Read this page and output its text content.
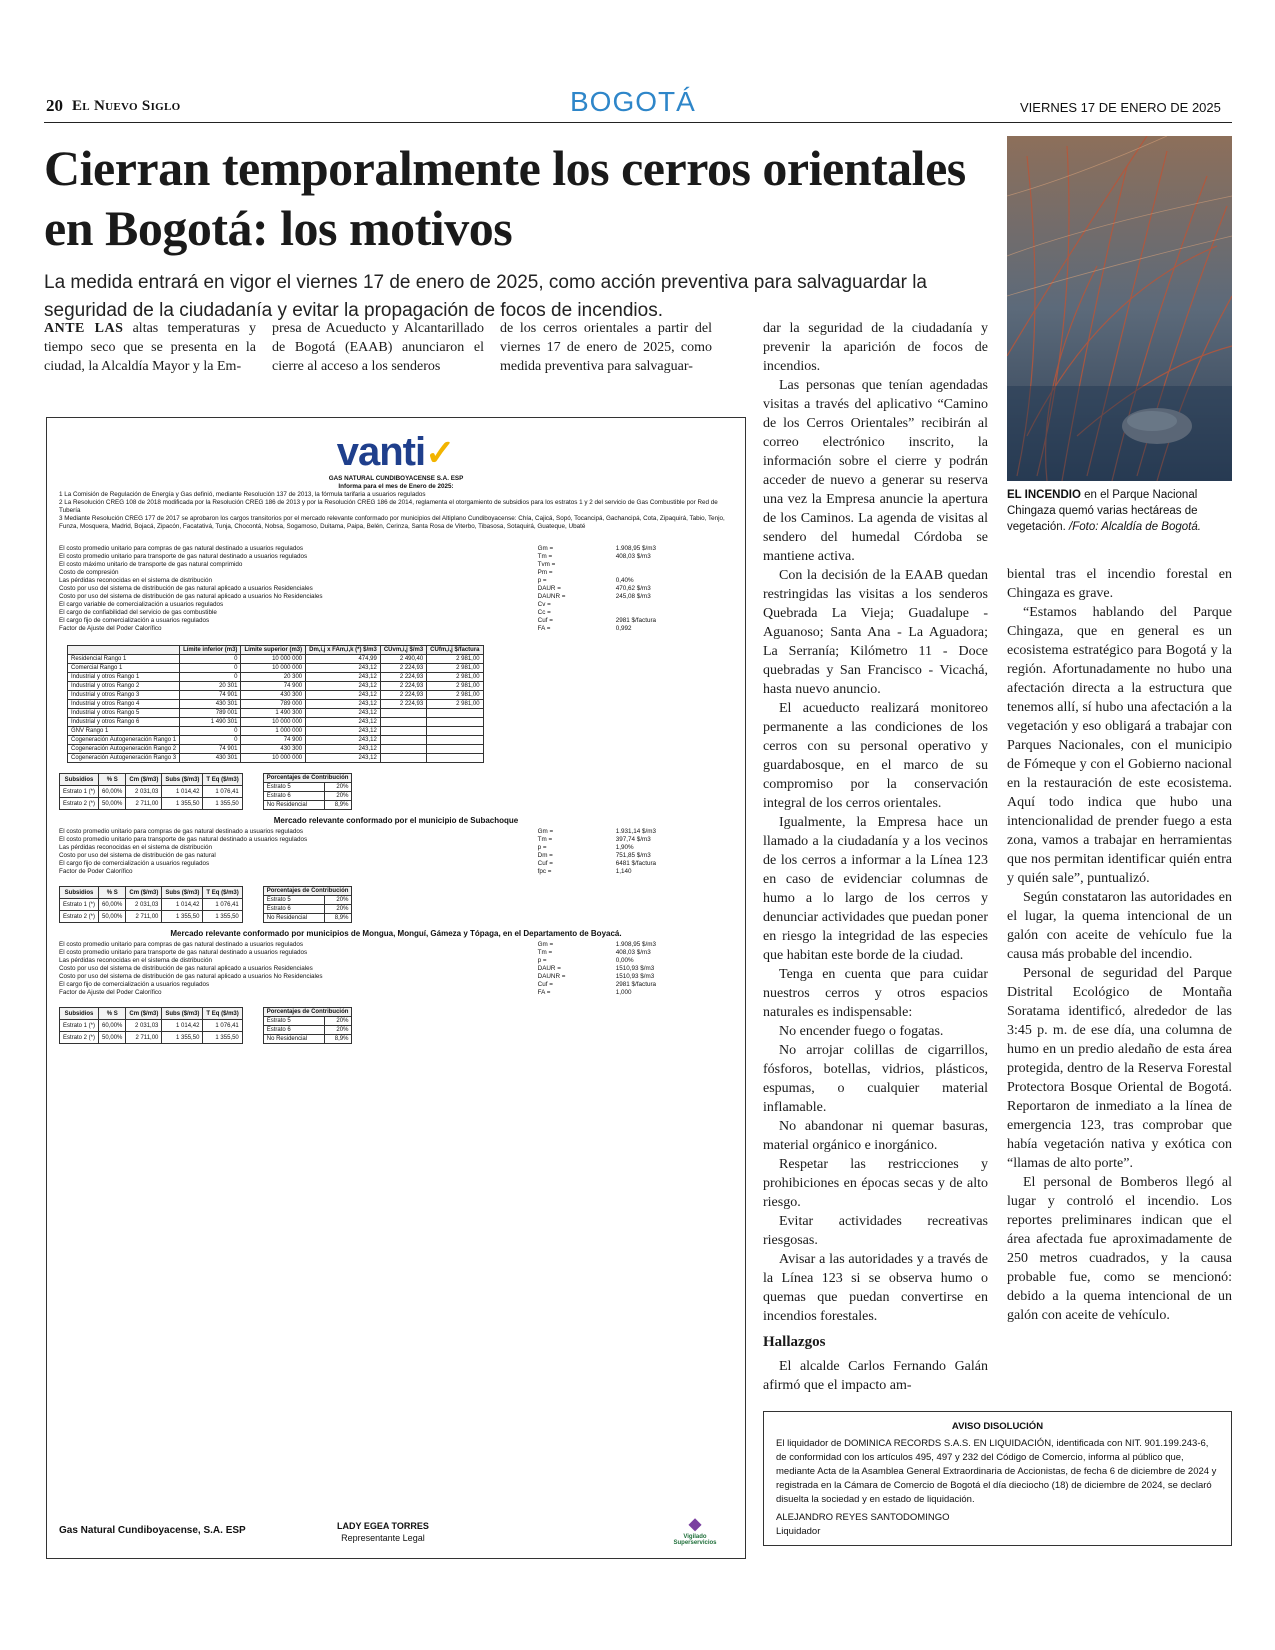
20 El Nuevo Siglo	BOGOTÁ	VIERNES 17 DE ENERO DE 2025
Cierran temporalmente los cerros orientales en Bogotá: los motivos
La medida entrará en vigor el viernes 17 de enero de 2025, como acción preventiva para salvaguardar la seguridad de la ciudadanía y evitar la propagación de focos de incendios.
EL INCENDIO en el Parque Nacional Chingaza quemó varias hectáreas de vegetación. /Foto: Alcaldía de Bogotá.

ANTE LAS altas temperaturas y tiempo seco que se presenta en la ciudad, la Alcaldía Mayor y la Em-

presa de Acueducto y Alcantarillado de Bogotá (EAAB) anunciaron el cierre al acceso a los senderos

de los cerros orientales a partir del viernes 17 de enero de 2025, como medida preventiva para salvaguar-

dar la seguridad de la ciudadanía y prevenir la aparición de focos de incendios.

Las personas que tenían agendadas visitas a través del aplicativo “Camino de los Cerros Orientales” recibirán al correo electrónico inscrito, la información sobre el cierre y podrán acceder de nuevo a generar su reserva una vez la Empresa anuncie la apertura de los Caminos. La agenda de visitas al sendero del humedal Córdoba se mantiene activa.

Con la decisión de la EAAB quedan restringidas las visitas a los senderos Quebrada La Vieja; Guadalupe - Aguanoso; Santa Ana - La Aguadora; La Serranía; Kilómetro 11 - Doce quebradas y San Francisco - Vicachá, hasta nuevo anuncio.

El acueducto realizará monitoreo permanente a las condiciones de los cerros con su personal operativo y guardabosque, en el marco de su compromiso por la conservación integral de los cerros orientales.

Igualmente, la Empresa hace un llamado a la ciudadanía y a los vecinos de los cerros a informar a la Línea 123 en caso de evidenciar columnas de humo a lo largo de los cerros y denunciar actividades que puedan poner en riesgo la integridad de las especies que habitan este borde de la ciudad.

Tenga en cuenta que para cuidar nuestros cerros y otros espacios naturales es indispensable:

No encender fuego o fogatas.

No arrojar colillas de cigarrillos, fósforos, botellas, vidrios, plásticos, espumas, o cualquier material inflamable.

No abandonar ni quemar basuras, material orgánico e inorgánico.

Respetar las restricciones y prohibiciones en épocas secas y de alto riesgo.

Evitar actividades recreativas riesgosas.

Avisar a las autoridades y a través de la Línea 123 si se observa humo o quemas que puedan convertirse en incendios forestales.

Hallazgos

El alcalde Carlos Fernando Galán afirmó que el impacto am-

biental tras el incendio forestal en Chingaza es grave.

“Estamos hablando del Parque Chingaza, que en general es un ecosistema estratégico para Bogotá y la región. Afortunadamente no hubo una afectación directa a la estructura que tenemos allí, sí hubo una afectación a la vegetación y eso obligará a trabajar con Parques Nacionales, con el municipio de Fómeque y con el Gobierno nacional en la restauración de este ecosistema. Aquí todo indica que hubo una intencionalidad de prender fuego a esta zona, vamos a trabajar en herramientas que nos permitan identificar quién entra y quién sale”, puntualizó.

Según constataron las autoridades en el lugar, la quema intencional de un galón con aceite de vehículo fue la causa más probable del incendio.

Personal de seguridad del Parque Distrital Ecológico de Montaña Soratama identificó, alrededor de las 3:45 p. m. de ese día, una columna de humo en un predio aledaño de esta área protegida, dentro de la Reserva Forestal Protectora Bosque Oriental de Bogotá. Reportaron de inmediato a la línea de emergencia 123, tras comprobar que había vegetación nativa y exótica con “llamas de alto porte”.

El personal de Bomberos llegó al lugar y controló el incendio. Los reportes preliminares indican que el área afectada fue aproximadamente de 250 metros cuadrados, y la causa probable fue, como se mencionó: debido a la quema intencional de un galón con aceite de vehículo.

vanti✓
GAS NATURAL CUNDIBOYACENSE S.A. ESP
Informa para el mes de Enero de 2025:
1 La Comisión de Regulación de Energía y Gas definió, mediante Resolución 137 de 2013, la fórmula tarifaria a usuarios regulados
2 La Resolución CREG 108 de 2018 modificada por la Resolución CREG 186 de 2013 y por la Resolución CREG 186 de 2014, reglamenta el otorgamiento de subsidios para los estratos 1 y 2 del servicio de Gas Combustible por Red de Tubería
3 Mediante Resolución CREG 177 de 2017 se aprobaron los cargos transitorios por el mercado relevante conformado por municipios del Altiplano Cundiboyacense: Chía, Cajicá, Sopó, Tocancipá, Gachancipá, Cota, Zipaquirá, Tabio, Tenjo, Funza, Mosquera, Madrid, Bojacá, Zipacón, Facatativá, Tunja, Chocontá, Nobsa, Sogamoso, Duitama, Paipa, Belén, Cerinza, Santa Rosa de Viterbo, Tibasosa, Sotaquirá, Guateque, Ubaté
El costo promedio unitario para compras de gas natural destinado a usuarios regulados	Gm =	1.908,95 $/m3
El costo promedio unitario para transporte de gas natural destinado a usuarios regulados	Tm =	408,03 $/m3
El costo máximo unitario de transporte de gas natural comprimido	Tvm =
Costo de compresión	Pm =
Las pérdidas reconocidas en el sistema de distribución	p =	0,40%
Costo por uso del sistema de distribución de gas natural aplicado a usuarios Residenciales	DAUR =	470,62 $/m3
Costo por uso del sistema de distribución de gas natural aplicado a usuarios No Residenciales	DAUNR =	245,08 $/m3
El cargo variable de comercialización a usuarios regulados	Cv =
El cargo de confiabilidad del servicio de gas combustible	Cc =
El cargo fijo de comercialización a usuarios regulados	Cuf =	2981 $/factura
Factor de Ajuste del Poder Calorífico	FA =	0,992
	Límite inferior (m3)	Límite superior (m3)	Dm,i,j x FAm,i,k (*) $/m3	CUvm,i,j $/m3	CUfm,i,j $/factura
Residencial Rango 1	0	10 000 000	474,99	2 490,40	2 981,00
Comercial Rango 1	0	10 000 000	243,12	2 224,93	2 981,00
Industrial y otros Rango 1	0	20 300	243,12	2 224,93	2 981,00
Industrial y otros Rango 2	20 301	74 900	243,12	2 224,93	2 981,00
Industrial y otros Rango 3	74 901	430 300	243,12	2 224,93	2 981,00
Industrial y otros Rango 4	430 301	789 000	243,12	2 224,93	2 981,00
Industrial y otros Rango 5	789 001	1 490 300	243,12		
Industrial y otros Rango 6	1 490 301	10 000 000	243,12		
GNV Rango 1	0	1 000 000	243,12		
Cogeneración Autogeneración Rango 1	0	74 900	243,12		
Cogeneración Autogeneración Rango 2	74 901	430 300	243,12		
Cogeneración Autogeneración Rango 3	430 301	10 000 000	243,12		
Subsidios	% S	Cm ($/m3)	Subs ($/m3)	T Eq ($/m3)
Estrato 1 (*)	60,00%	2 031,03	1 014,42	1 076,41
Estrato 2 (*)	50,00%	2 711,00	1 355,50	1 355,50
Porcentajes de Contribución	
Estrato 5	20%
Estrato 6	20%
No Residencial	8,9%
Mercado relevante conformado por el municipio de Subachoque
El costo promedio unitario para compras de gas natural destinado a usuarios regulados	Gm =	1.931,14 $/m3
El costo promedio unitario para transporte de gas natural destinado a usuarios regulados	Tm =	397,74 $/m3
Las pérdidas reconocidas en el sistema de distribución	p =	1,90%
Costo por uso del sistema de distribución de gas natural	Dm =	751,85 $/m3
El cargo fijo de comercialización a usuarios regulados	Cuf =	6481 $/factura
Factor de Poder Calorífico	fpc =	1,140
Subsidios	% S	Cm ($/m3)	Subs ($/m3)	T Eq ($/m3)
Estrato 1 (*)	60,00%	2 031,03	1 014,42	1 076,41
Estrato 2 (*)	50,00%	2 711,00	1 355,50	1 355,50
Porcentajes de Contribución	
Estrato 5	20%
Estrato 6	20%
No Residencial	8,9%
Mercado relevante conformado por municipios de Mongua, Monguí, Gámeza y Tópaga, en el Departamento de Boyacá.
El costo promedio unitario para compras de gas natural destinado a usuarios regulados	Gm =	1.908,95 $/m3
El costo promedio unitario para transporte de gas natural destinado a usuarios regulados	Tm =	408,03 $/m3
Las pérdidas reconocidas en el sistema de distribución	p =	0,00%
Costo por uso del sistema de distribución de gas natural aplicado a usuarios Residenciales	DAUR =	1510,93 $/m3
Costo por uso del sistema de distribución de gas natural aplicado a usuarios No Residenciales	DAUNR =	1510,93 $/m3
El cargo fijo de comercialización a usuarios regulados	Cuf =	2981 $/factura
Factor de Ajuste del Poder Calorífico	FA =	1,000
Subsidios	% S	Cm ($/m3)	Subs ($/m3)	T Eq ($/m3)
Estrato 1 (*)	60,00%	2 031,03	1 014,42	1 076,41
Estrato 2 (*)	50,00%	2 711,00	1 355,50	1 355,50
Porcentajes de Contribución	
Estrato 5	20%
Estrato 6	20%
No Residencial	8,9%
Gas Natural Cundiboyacense, S.A. ESP	LADY EGEA TORRES
Representante Legal
◆
Vigilado Superservicios
AVISO DISOLUCIÓN
El liquidador de DOMINICA RECORDS S.A.S. EN LIQUIDACIÓN, identificada con NIT. 901.199.243-6, de conformidad con los artículos 495, 497 y 232 del Código de Comercio, informa al público que, mediante Acta de la Asamblea General Extraordinaria de Accionistas, de fecha 6 de diciembre de 2024 y registrada en la Cámara de Comercio de Bogotá el día dieciocho (18) de diciembre de 2024, se declaró disuelta la sociedad y en estado de liquidación.
ALEJANDRO REYES SANTODOMINGO
Liquidador
